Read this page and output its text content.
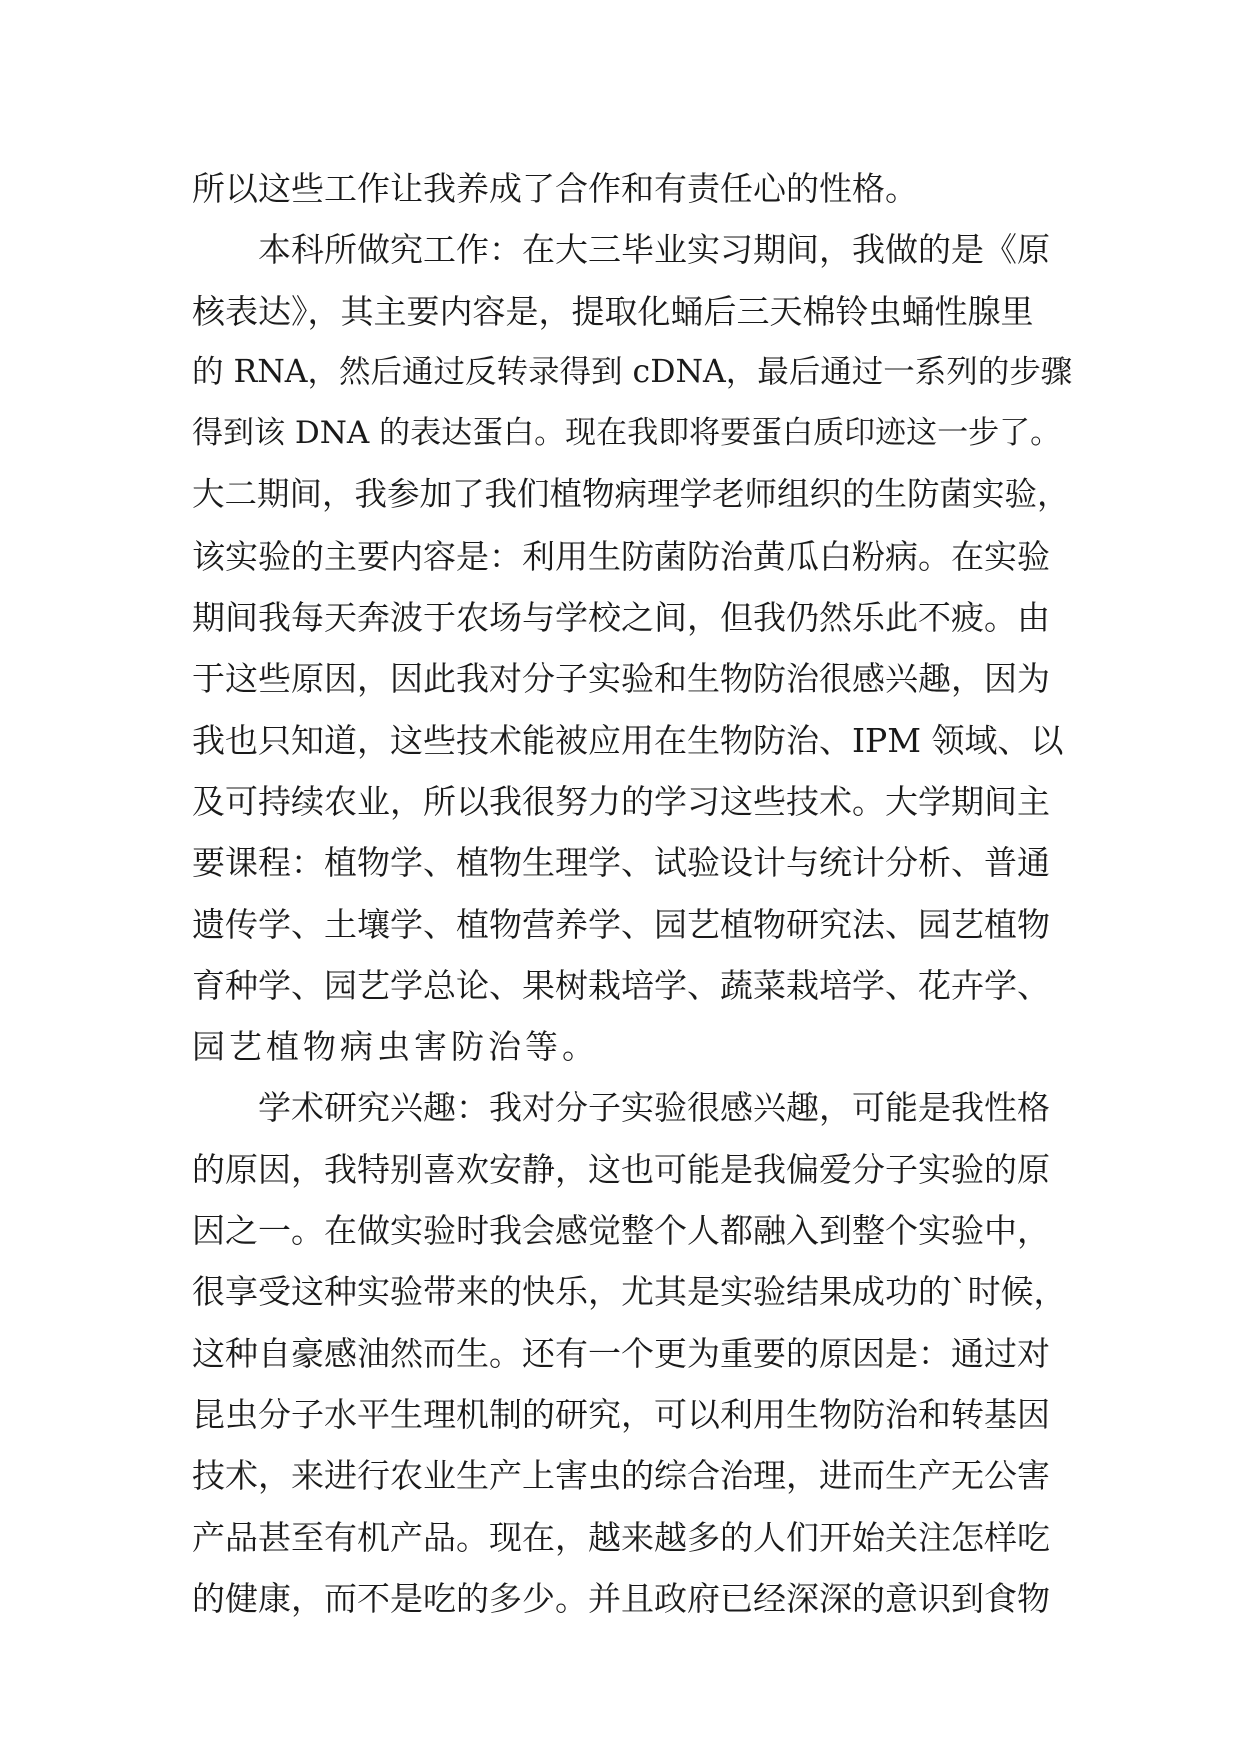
所以这些工作让我养成了合作和有责任心的性格。
本科所做究工作：在大三毕业实习期间，我做的是《原
核表达》，其主要内容是，提取化蛹后三天棉铃虫蛹性腺里
的 RNA，然后通过反转录得到 cDNA，最后通过一系列的步骤
得到该 DNA 的表达蛋白。现在我即将要蛋白质印迹这一步了。
大二期间，我参加了我们植物病理学老师组织的生防菌实验，
该实验的主要内容是：利用生防菌防治黄瓜白粉病。在实验
期间我每天奔波于农场与学校之间，但我仍然乐此不疲。由
于这些原因，因此我对分子实验和生物防治很感兴趣，因为
我也只知道，这些技术能被应用在生物防治、IPM 领域、以
及可持续农业，所以我很努力的学习这些技术。大学期间主
要课程：植物学、植物生理学、试验设计与统计分析、普通
遗传学、土壤学、植物营养学、园艺植物研究法、园艺植物
育种学、园艺学总论、果树栽培学、蔬菜栽培学、花卉学、
园艺植物病虫害防治等。
学术研究兴趣：我对分子实验很感兴趣，可能是我性格
的原因，我特别喜欢安静，这也可能是我偏爱分子实验的原
因之一。在做实验时我会感觉整个人都融入到整个实验中，
很享受这种实验带来的快乐，尤其是实验结果成功的`时候，
这种自豪感油然而生。还有一个更为重要的原因是：通过对
昆虫分子水平生理机制的研究，可以利用生物防治和转基因
技术，来进行农业生产上害虫的综合治理，进而生产无公害
产品甚至有机产品。现在，越来越多的人们开始关注怎样吃
的健康，而不是吃的多少。并且政府已经深深的意识到食物
